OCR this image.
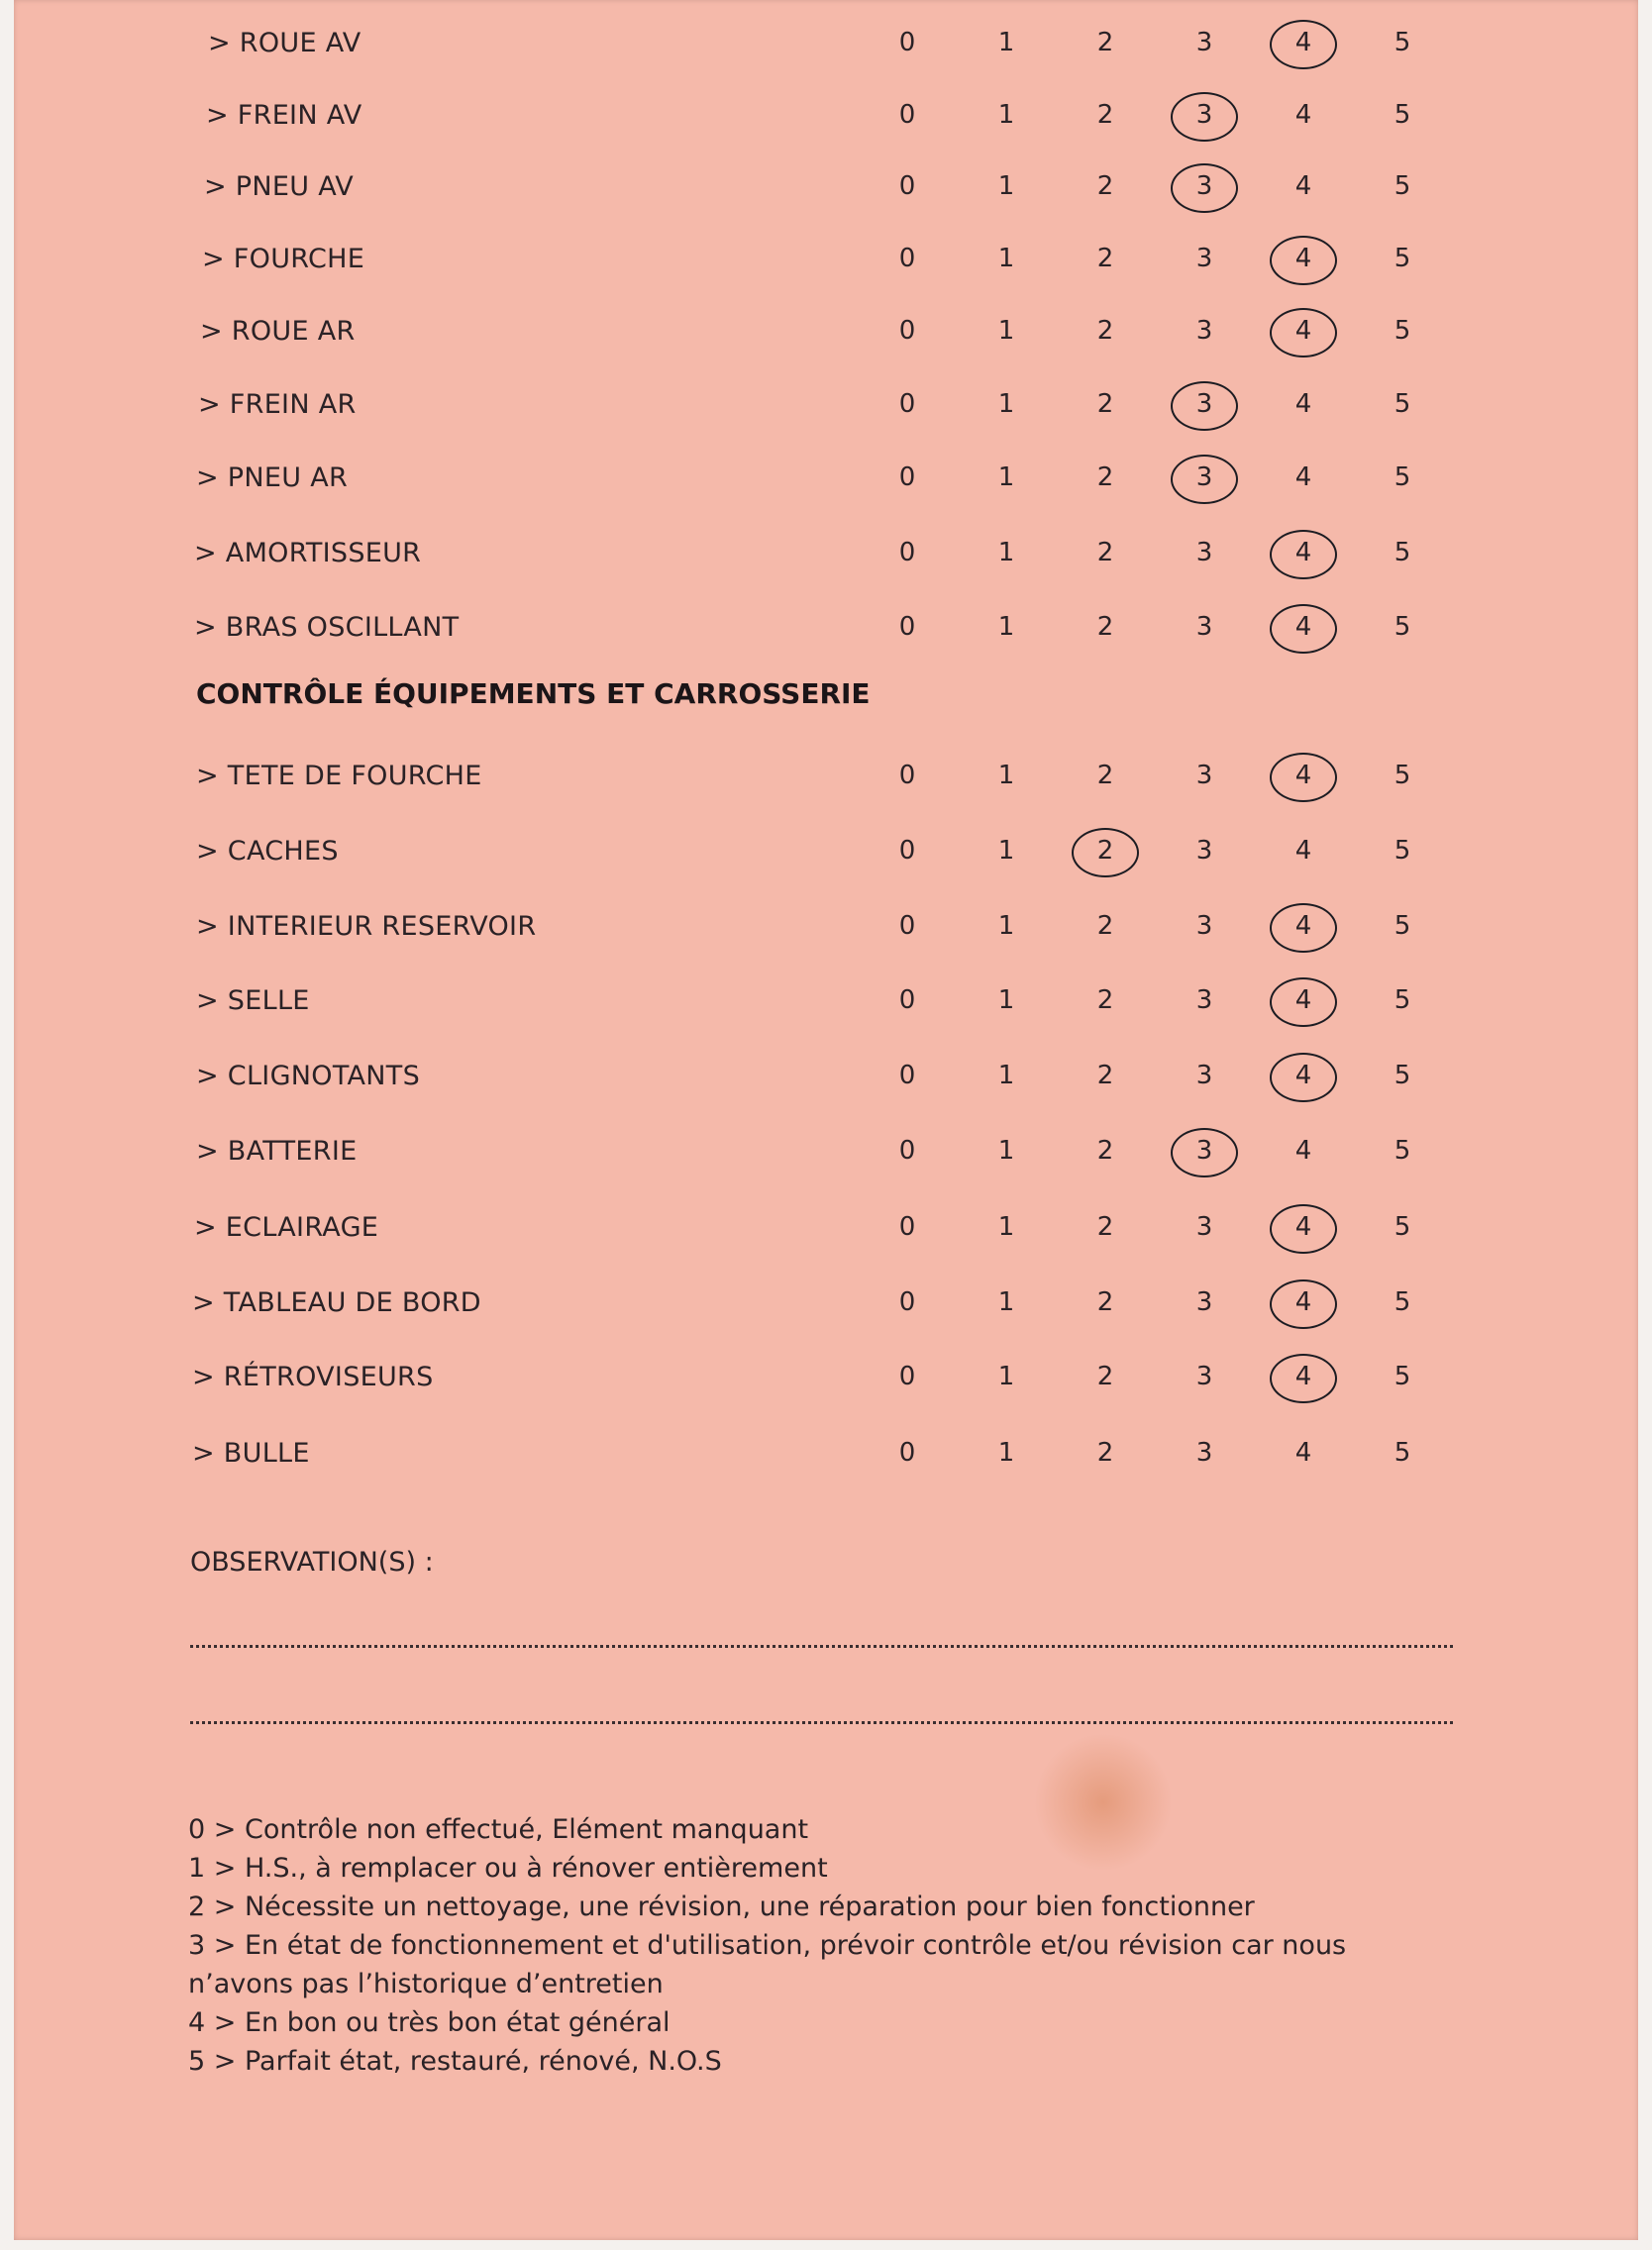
> ROUE AV	0	1	2	3	4	5
> FREIN AV	0	1	2	3	4	5
> PNEU AV	0	1	2	3	4	5
> FOURCHE	0	1	2	3	4	5
> ROUE AR	0	1	2	3	4	5
> FREIN AR	0	1	2	3	4	5
> PNEU AR	0	1	2	3	4	5
> AMORTISSEUR	0	1	2	3	4	5
> BRAS OSCILLANT	0	1	2	3	4	5
> TETE DE FOURCHE	0	1	2	3	4	5
> CACHES	0	1	2	3	4	5
> INTERIEUR RESERVOIR	0	1	2	3	4	5
> SELLE	0	1	2	3	4	5
> CLIGNOTANTS	0	1	2	3	4	5
> BATTERIE	0	1	2	3	4	5
> ECLAIRAGE	0	1	2	3	4	5
> TABLEAU DE BORD	0	1	2	3	4	5
> RÉTROVISEURS	0	1	2	3	4	5
> BULLE	0	1	2	3	4	5
CONTRÔLE ÉQUIPEMENTS ET CARROSSERIE
OBSERVATION(S) :
0 > Contrôle non effectué, Elément manquant
1 > H.S., à remplacer ou à rénover entièrement
2 > Nécessite un nettoyage, une révision, une réparation pour bien fonctionner
3 > En état de fonctionnement et d'utilisation, prévoir contrôle et/ou révision car nous
n’avons pas l’historique d’entretien
4 > En bon ou très bon état général
5 > Parfait état, restauré, rénové, N.O.S
